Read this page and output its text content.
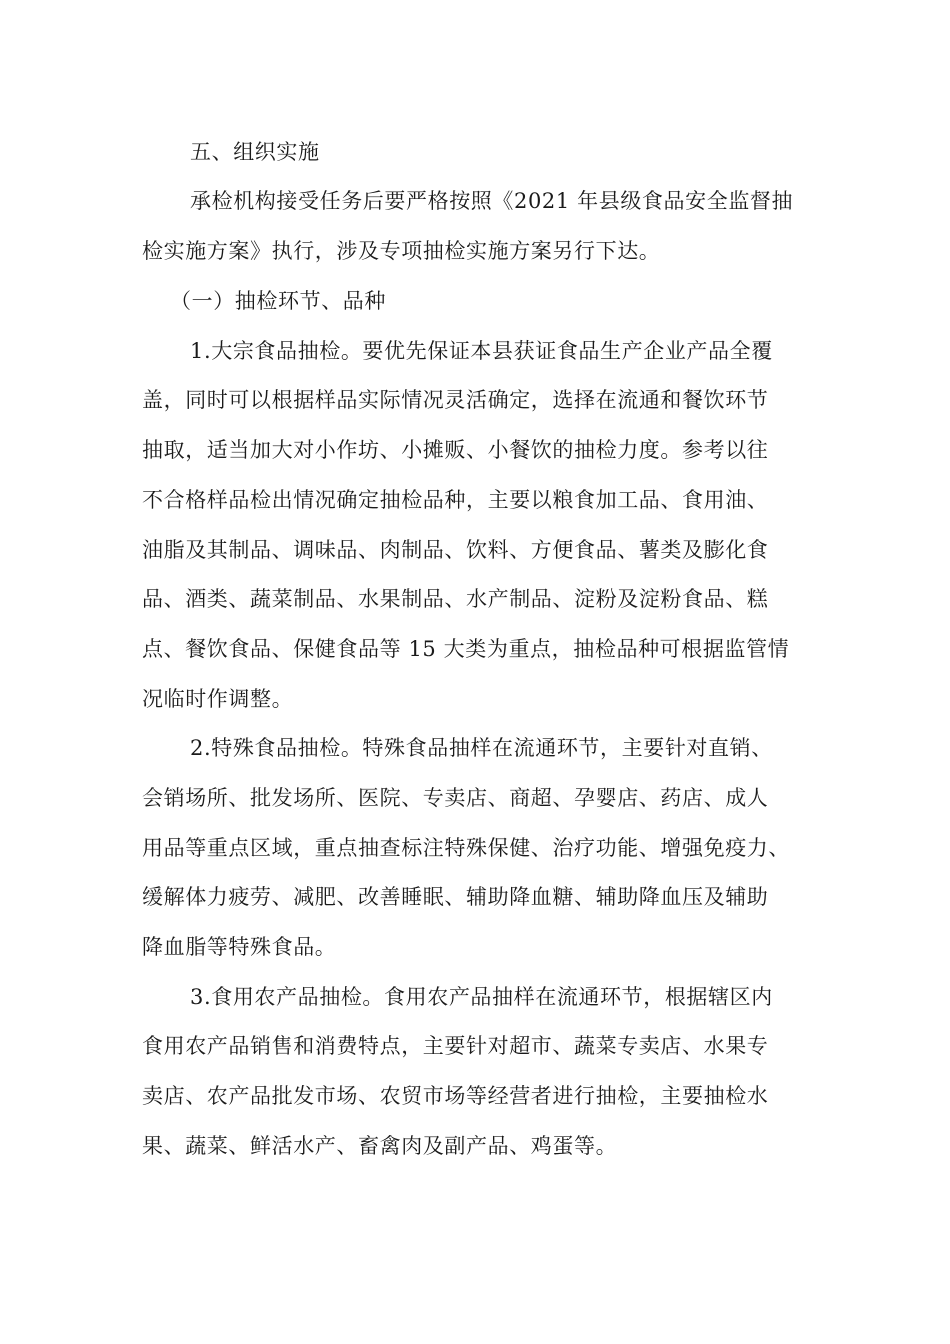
五、组织实施

承检机构接受任务后要严格按照《2021 年县级食品安全监督抽

检实施方案》执行，涉及专项抽检实施方案另行下达。

（一）抽检环节、品种

1.大宗食品抽检。要优先保证本县获证食品生产企业产品全覆

盖，同时可以根据样品实际情况灵活确定，选择在流通和餐饮环节

抽取，适当加大对小作坊、小摊贩、小餐饮的抽检力度。参考以往

不合格样品检出情况确定抽检品种，主要以粮食加工品、食用油、

油脂及其制品、调味品、肉制品、饮料、方便食品、薯类及膨化食

品、酒类、蔬菜制品、水果制品、水产制品、淀粉及淀粉食品、糕

点、餐饮食品、保健食品等 15 大类为重点，抽检品种可根据监管情

况临时作调整。

2.特殊食品抽检。特殊食品抽样在流通环节，主要针对直销、

会销场所、批发场所、医院、专卖店、商超、孕婴店、药店、成人

用品等重点区域，重点抽查标注特殊保健、治疗功能、增强免疫力、

缓解体力疲劳、减肥、改善睡眠、辅助降血糖、辅助降血压及辅助

降血脂等特殊食品。

3.食用农产品抽检。食用农产品抽样在流通环节，根据辖区内

食用农产品销售和消费特点，主要针对超市、蔬菜专卖店、水果专

卖店、农产品批发市场、农贸市场等经营者进行抽检，主要抽检水

果、蔬菜、鲜活水产、畜禽肉及副产品、鸡蛋等。
